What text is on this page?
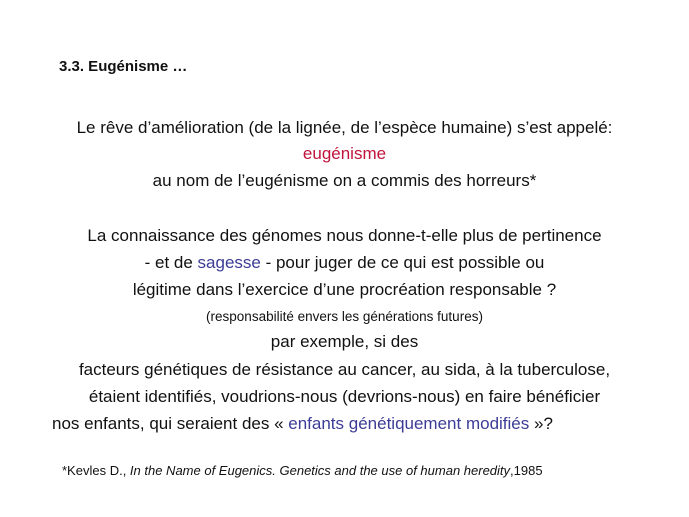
3.3. Eugénisme …
Le rêve d’amélioration (de la lignée, de l’espèce humaine) s’est appelé:
eugénisme
au nom de l’eugénisme on a commis des horreurs*
La connaissance des génomes nous donne-t-elle plus de pertinence
- et de sagesse - pour juger de ce qui est possible ou
légitime dans l’exercice d’une procréation responsable ?
(responsabilité envers les générations futures)
par exemple, si des
facteurs génétiques de résistance au cancer, au sida, à la tuberculose,
étaient identifiés, voudrions-nous (devrions-nous) en faire bénéficier
nos enfants, qui seraient des « enfants génétiquement modifiés »?
*Kevles D., In the Name of Eugenics. Genetics and the use of human heredity,1985
